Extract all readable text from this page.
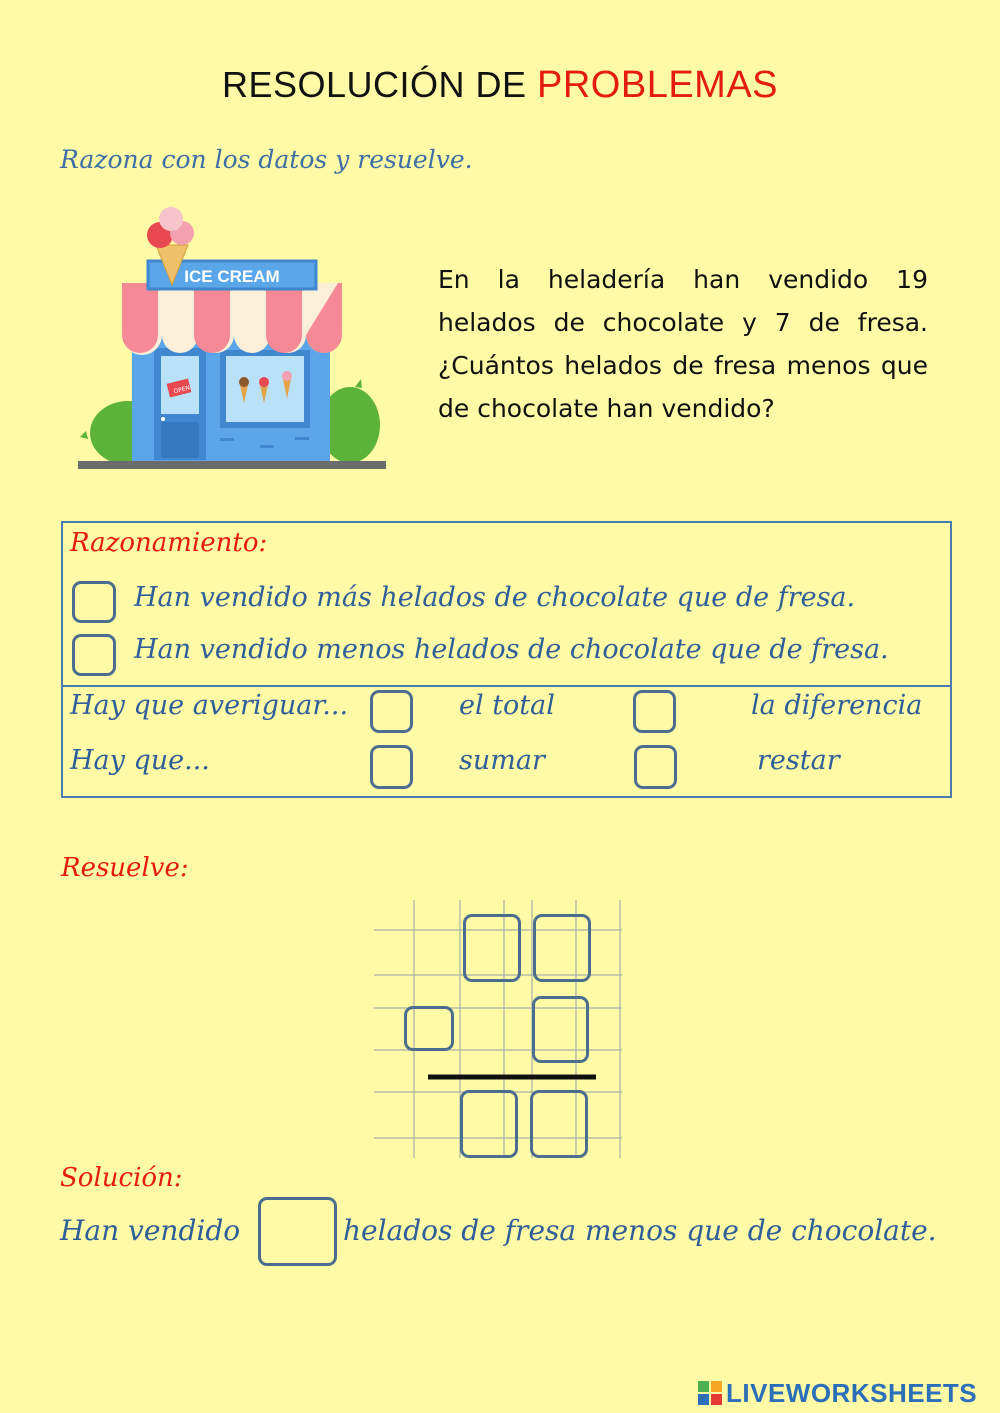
RESOLUCIÓN DE PROBLEMAS
Razona con los datos y resuelve.
OPEN
ICE CREAM	En la heladería han vendido 19 helados de chocolate y 7 de fresa. ¿Cuántos helados de fresa menos que de chocolate han vendido?
Razonamiento:
Han vendido más helados de chocolate que de fresa.
Han vendido menos helados de chocolate que de fresa.
Hay que averiguar...	el total	la diferencia
Hay que...	sumar	restar
Resuelve:
Solución:
Han vendido	helados de fresa menos que de chocolate.
LIVEWORKSHEETS
